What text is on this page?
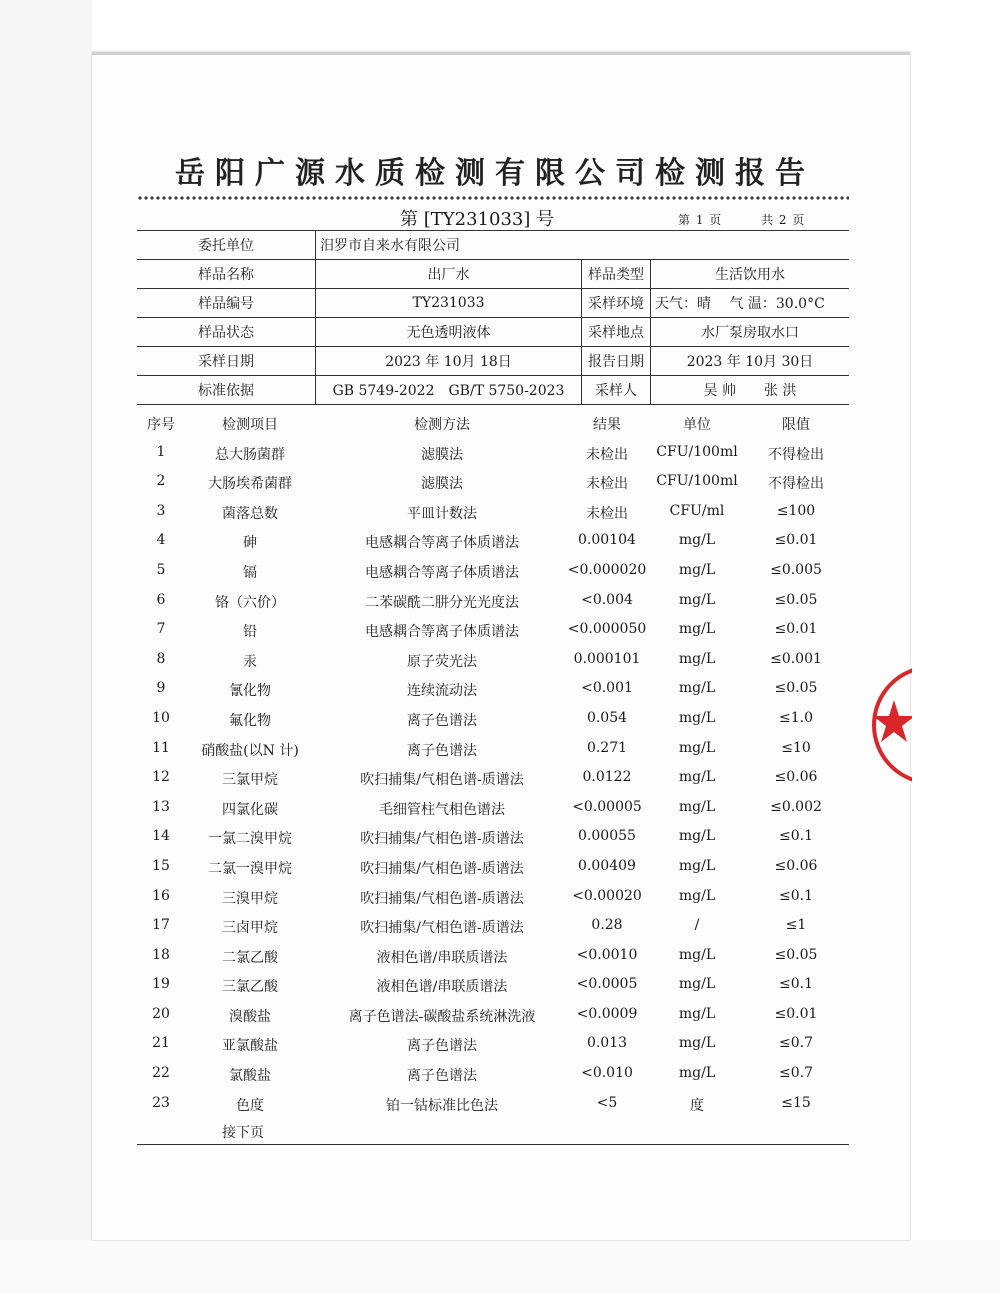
岳阳广源水质检测有限公司检测报告
第 [TY231033] 号	第 1 页	共 2 页
委托单位	汨罗市自来水有限公司		
样品名称	出厂水	样品类型	生活饮用水
样品编号	TY231033	采样环境	天气：晴　 气 温：30.0°C
样品状态	无色透明液体	采样地点	水厂泵房取水口
采样日期	2023 年 10月 18日	报告日期	2023 年 10月 30日
标准依据	GB 5749-2022　GB/T 5750-2023	采样人	吴 帅　　张 洪
序号	检测项目	检测方法	结果	单位	限值
1	总大肠菌群	滤膜法	未检出	CFU/100ml	不得检出
2	大肠埃希菌群	滤膜法	未检出	CFU/100ml	不得检出
3	菌落总数	平皿计数法	未检出	CFU/ml	≤100
4	砷	电感耦合等离子体质谱法	0.00104	mg/L	≤0.01
5	镉	电感耦合等离子体质谱法	<0.000020	mg/L	≤0.005
6	铬（六价）	二苯碳酰二肼分光光度法	<0.004	mg/L	≤0.05
7	铅	电感耦合等离子体质谱法	<0.000050	mg/L	≤0.01
8	汞	原子荧光法	0.000101	mg/L	≤0.001
9	氰化物	连续流动法	<0.001	mg/L	≤0.05
10	氟化物	离子色谱法	0.054	mg/L	≤1.0
11	硝酸盐(以N 计)	离子色谱法	0.271	mg/L	≤10
12	三氯甲烷	吹扫捕集/气相色谱-质谱法	0.0122	mg/L	≤0.06
13	四氯化碳	毛细管柱气相色谱法	<0.00005	mg/L	≤0.002
14	一氯二溴甲烷	吹扫捕集/气相色谱-质谱法	0.00055	mg/L	≤0.1
15	二氯一溴甲烷	吹扫捕集/气相色谱-质谱法	0.00409	mg/L	≤0.06
16	三溴甲烷	吹扫捕集/气相色谱-质谱法	<0.00020	mg/L	≤0.1
17	三卤甲烷	吹扫捕集/气相色谱-质谱法	0.28	/	≤1
18	二氯乙酸	液相色谱/串联质谱法	<0.0010	mg/L	≤0.05
19	三氯乙酸	液相色谱/串联质谱法	<0.0005	mg/L	≤0.1
20	溴酸盐	离子色谱法-碳酸盐系统淋洗液	<0.0009	mg/L	≤0.01
21	亚氯酸盐	离子色谱法	0.013	mg/L	≤0.7
22	氯酸盐	离子色谱法	<0.010	mg/L	≤0.7
23	色度	铂一钴标准比色法	<5	度	≤15
接下页
